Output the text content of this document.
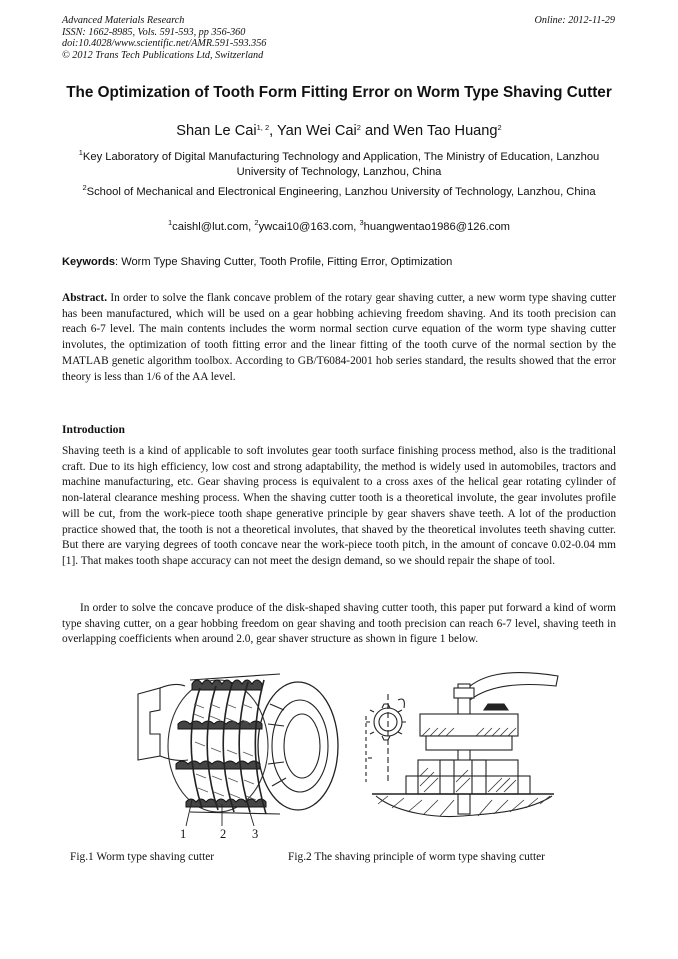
Advanced Materials Research
ISSN: 1662-8985, Vols. 591-593, pp 356-360
doi:10.4028/www.scientific.net/AMR.591-593.356
© 2012 Trans Tech Publications Ltd, Switzerland
Online: 2012-11-29
The Optimization of Tooth Form Fitting Error on Worm Type Shaving Cutter
Shan Le Cai$^{1, 2}$, Yan Wei Cai$^2$ and Wen Tao Huang$^2$
$^1$Key Laboratory of Digital Manufacturing Technology and Application, The Ministry of Education, Lanzhou University of Technology, Lanzhou, China
$^2$School of Mechanical and Electronical Engineering, Lanzhou University of Technology, Lanzhou, China
$^1$caishl@lut.com, $^2$ywcai10@163.com, $^3$huangwentao1986@126.com
Keywords: Worm Type Shaving Cutter, Tooth Profile, Fitting Error, Optimization
Abstract. In order to solve the flank concave problem of the rotary gear shaving cutter, a new worm type shaving cutter has been manufactured, which will be used on a gear hobbing achieving freedom shaving. And its tooth precision can reach 6-7 level. The main contents includes the worm normal section curve equation of the worm type shaving cutter involutes, the optimization of tooth fitting error and the linear fitting of the tooth curve of the normal section by the MATLAB genetic algorithm toolbox. According to GB/T6084-2001 hob series standard, the results showed that the error theory is less than 1/6 of the AA level.
Introduction
Shaving teeth is a kind of applicable to soft involutes gear tooth surface finishing process method, also is the traditional craft. Due to its high efficiency, low cost and strong adaptability, the method is widely used in automobiles, tractors and machine manufacturing, etc. Gear shaving process is equivalent to a cross axes of the helical gear rotating cylinder of non-lateral clearance meshing process. When the shaving cutter tooth is a theoretical involute, the gear involutes profile will be cut, from the work-piece tooth shape generative principle by gear shavers shave teeth. A lot of the production practice showed that, the tooth is not a theoretical involutes, that shaved by the theoretical involutes teeth shaving cutter. But there are varying degrees of tooth concave near the work-piece tooth pitch, in the amount of concave 0.02-0.04 mm [1]. That makes tooth shape accuracy can not meet the design demand, so we should repair the shape of tool.
In order to solve the concave produce of the disk-shaped shaving cutter tooth, this paper put forward a kind of worm type shaving cutter, on a gear hobbing freedom on gear shaving and tooth precision can reach 6-7 level, shaving teeth in overlapping coefficients when around 2.0, gear shaver structure as shown in figure 1 below.
1	2 3
Fig.1 Worm type shaving cutter	Fig.2 The shaving principle of worm type shaving cutter
